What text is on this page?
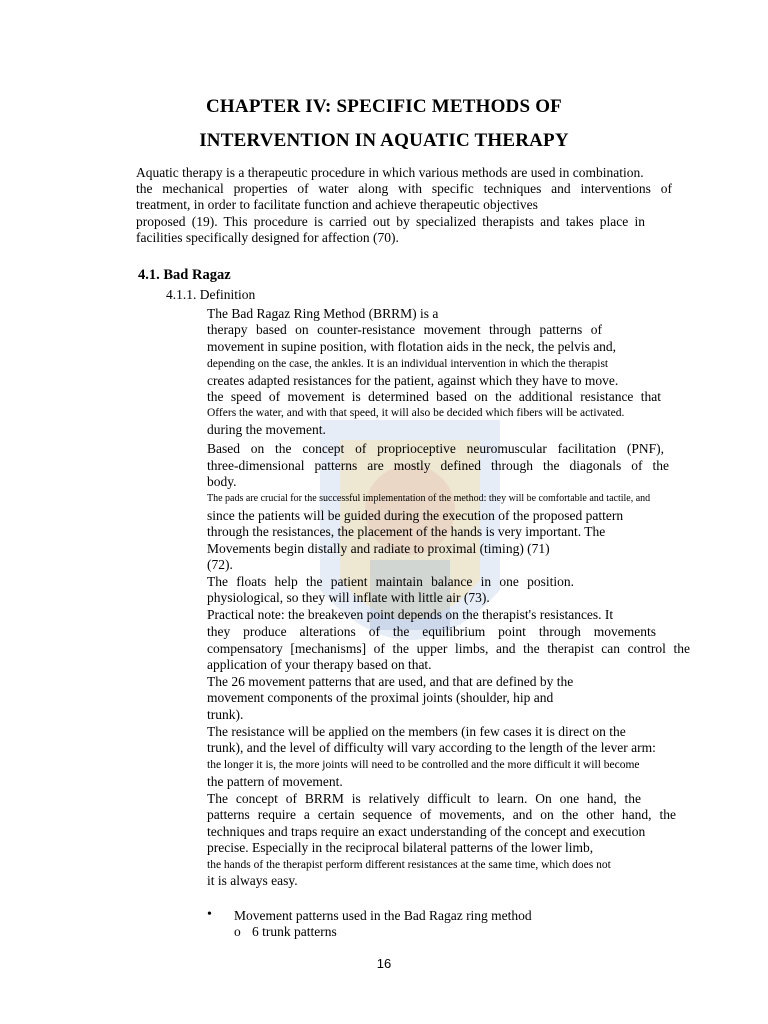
CHAPTER IV: SPECIFIC METHODS OF
INTERVENTION IN AQUATIC THERAPY
Aquatic therapy is a therapeutic procedure in which various methods are used in combination.
the mechanical properties of water along with specific techniques and interventions of
treatment, in order to facilitate function and achieve therapeutic objectives
proposed (19). This procedure is carried out by specialized therapists and takes place in
facilities specifically designed for affection (70).
4.1. Bad Ragaz
4.1.1. Definition
The Bad Ragaz Ring Method (BRRM) is a
therapy based on counter-resistance movement through patterns of
movement in supine position, with flotation aids in the neck, the pelvis and,
depending on the case, the ankles. It is an individual intervention in which the therapist
creates adapted resistances for the patient, against which they have to move.
the speed of movement is determined based on the additional resistance that
Offers the water, and with that speed, it will also be decided which fibers will be activated.
during the movement.
Based on the concept of proprioceptive neuromuscular facilitation (PNF),
three-dimensional patterns are mostly defined through the diagonals of the
body.
The pads are crucial for the successful implementation of the method: they will be comfortable and tactile, and
since the patients will be guided during the execution of the proposed pattern
through the resistances, the placement of the hands is very important. The
Movements begin distally and radiate to proximal (timing) (71)
(72).
The floats help the patient maintain balance in one position.
physiological, so they will inflate with little air (73).
Practical note: the breakeven point depends on the therapist's resistances. It
they produce alterations of the equilibrium point through movements
compensatory [mechanisms] of the upper limbs, and the therapist can control the
application of your therapy based on that.
The 26 movement patterns that are used, and that are defined by the
movement components of the proximal joints (shoulder, hip and
trunk).
The resistance will be applied on the members (in few cases it is direct on the
trunk), and the level of difficulty will vary according to the length of the lever arm:
the longer it is, the more joints will need to be controlled and the more difficult it will become
the pattern of movement.
The concept of BRRM is relatively difficult to learn. On one hand, the
patterns require a certain sequence of movements, and on the other hand, the
techniques and traps require an exact understanding of the concept and execution
precise. Especially in the reciprocal bilateral patterns of the lower limb,
the hands of the therapist perform different resistances at the same time, which does not
it is always easy.
• Movement patterns used in the Bad Ragaz ring method
o 6 trunk patterns
16
